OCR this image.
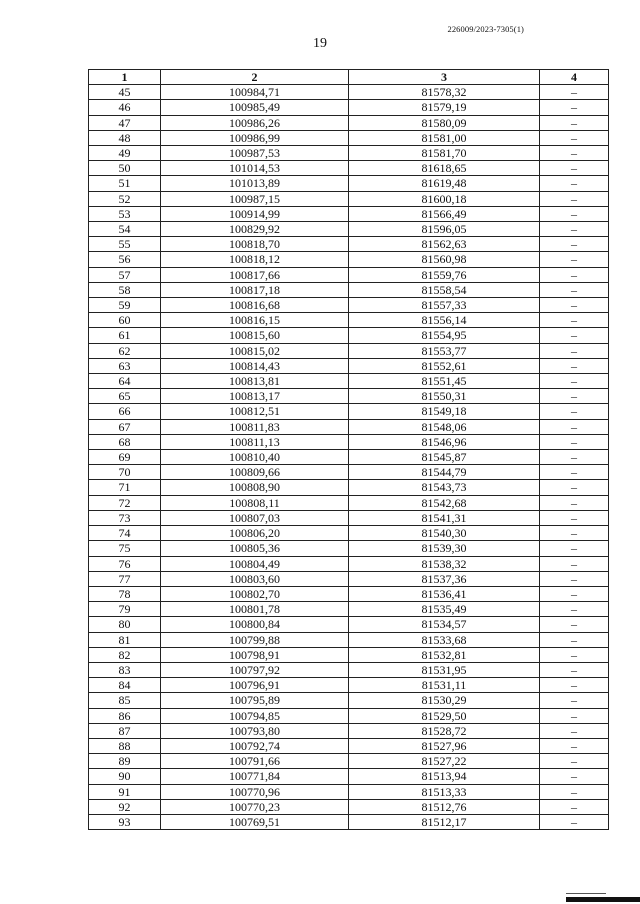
226009/2023-7305(1)
19
1	2	3	4
45	100984,71	81578,32	–
46	100985,49	81579,19	–
47	100986,26	81580,09	–
48	100986,99	81581,00	–
49	100987,53	81581,70	–
50	101014,53	81618,65	–
51	101013,89	81619,48	–
52	100987,15	81600,18	–
53	100914,99	81566,49	–
54	100829,92	81596,05	–
55	100818,70	81562,63	–
56	100818,12	81560,98	–
57	100817,66	81559,76	–
58	100817,18	81558,54	–
59	100816,68	81557,33	–
60	100816,15	81556,14	–
61	100815,60	81554,95	–
62	100815,02	81553,77	–
63	100814,43	81552,61	–
64	100813,81	81551,45	–
65	100813,17	81550,31	–
66	100812,51	81549,18	–
67	100811,83	81548,06	–
68	100811,13	81546,96	–
69	100810,40	81545,87	–
70	100809,66	81544,79	–
71	100808,90	81543,73	–
72	100808,11	81542,68	–
73	100807,03	81541,31	–
74	100806,20	81540,30	–
75	100805,36	81539,30	–
76	100804,49	81538,32	–
77	100803,60	81537,36	–
78	100802,70	81536,41	–
79	100801,78	81535,49	–
80	100800,84	81534,57	–
81	100799,88	81533,68	–
82	100798,91	81532,81	–
83	100797,92	81531,95	–
84	100796,91	81531,11	–
85	100795,89	81530,29	–
86	100794,85	81529,50	–
87	100793,80	81528,72	–
88	100792,74	81527,96	–
89	100791,66	81527,22	–
90	100771,84	81513,94	–
91	100770,96	81513,33	–
92	100770,23	81512,76	–
93	100769,51	81512,17	–
